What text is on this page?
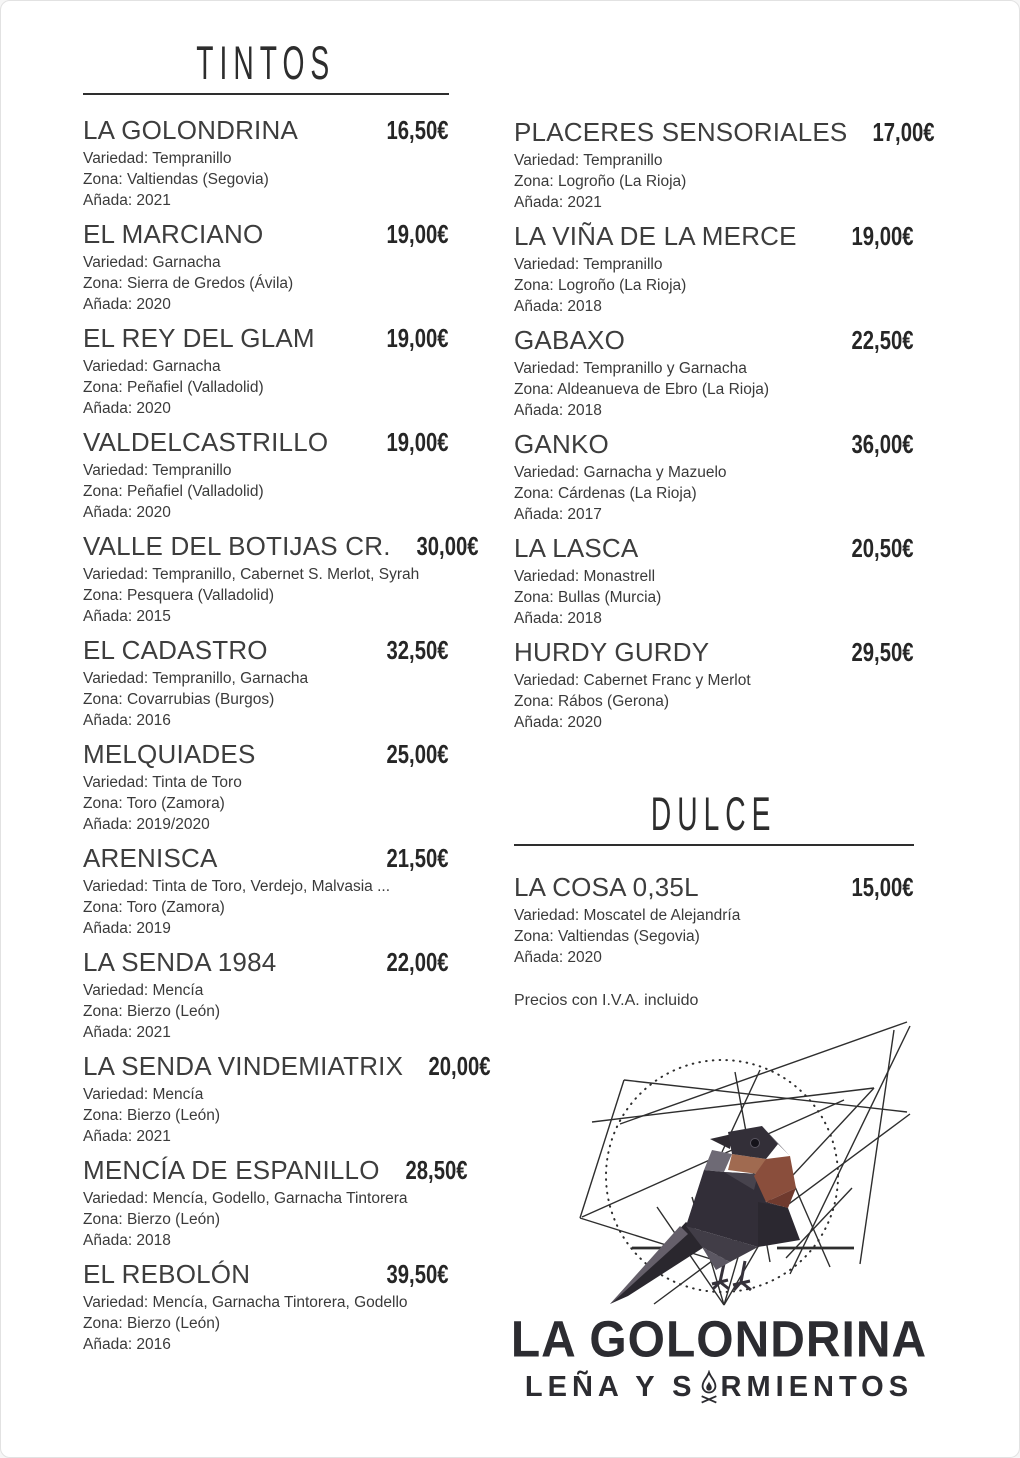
TINTOS
LA GOLONDRINA	16,50€
Variedad: Tempranillo
Zona: Valtiendas (Segovia)
Añada: 2021
EL MARCIANO	19,00€
Variedad: Garnacha
Zona: Sierra de Gredos (Ávila)
Añada: 2020
EL REY DEL GLAM	19,00€
Variedad: Garnacha
Zona: Peñafiel (Valladolid)
Añada: 2020
VALDELCASTRILLO 19,00€
Variedad: Tempranillo
Zona: Peñafiel (Valladolid)
Añada: 2020
VALLE DEL BOTIJAS CR. 30,00€
Variedad: Tempranillo, Cabernet S. Merlot, Syrah
Zona: Pesquera (Valladolid)
Añada: 2015
EL CADASTRO	32,50€
Variedad: Tempranillo, Garnacha
Zona: Covarrubias (Burgos)
Añada: 2016
MELQUIADES	25,00€
Variedad: Tinta de Toro
Zona: Toro (Zamora)
Añada: 2019/2020
ARENISCA	21,50€
Variedad: Tinta de Toro, Verdejo, Malvasia ...
Zona: Toro (Zamora)
Añada: 2019
LA SENDA 1984	22,00€
Variedad: Mencía
Zona: Bierzo (León)
Añada: 2021
LA SENDA VINDEMIATRIX 20,00€
Variedad: Mencía
Zona: Bierzo (León)
Añada: 2021
MENCÍA DE ESPANILLO 28,50€
Variedad: Mencía, Godello, Garnacha Tintorera
Zona: Bierzo (León)
Añada: 2018
EL REBOLÓN	39,50€
Variedad: Mencía, Garnacha Tintorera, Godello
Zona: Bierzo (León)
Añada: 2016
PLACERES SENSORIALES 17,00€
Variedad: Tempranillo
Zona: Logroño (La Rioja)
Añada: 2021
LA VIÑA DE LA MERCE 19,00€
Variedad: Tempranillo
Zona: Logroño (La Rioja)
Añada: 2018
GABAXO	22,50€
Variedad: Tempranillo y Garnacha
Zona: Aldeanueva de Ebro (La Rioja)
Añada: 2018
GANKO	36,00€
Variedad: Garnacha y Mazuelo
Zona: Cárdenas (La Rioja)
Añada: 2017
LA LASCA	20,50€
Variedad: Monastrell
Zona: Bullas (Murcia)
Añada: 2018
HURDY GURDY	29,50€
Variedad: Cabernet Franc y Merlot
Zona: Rábos (Gerona)
Añada: 2020
DULCE
LA COSA 0,35L	15,00€
Variedad: Moscatel de Alejandría
Zona: Valtiendas (Segovia)
Añada: 2020
Precios con I.V.A. incluido
LA GOLONDRINA
LEÑA Y S RMIENTOS
